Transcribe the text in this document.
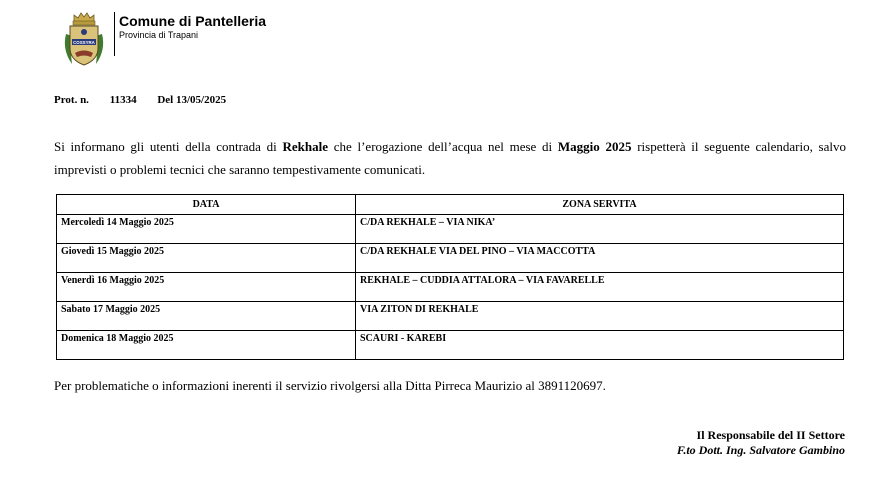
COSSYRA
Comune di Pantelleria
Provincia di Trapani
Prot. n. 11334 Del 13/05/2025
Si informano gli utenti della contrada di Rekhale che l’erogazione dell’acqua nel mese di Maggio 2025 rispetterà il seguente calendario, salvo imprevisti o problemi tecnici che saranno tempestivamente comunicati.
DATA	ZONA SERVITA
Mercoledì 14 Maggio 2025	C/DA REKHALE – VIA NIKA’
Giovedì 15 Maggio 2025	C/DA REKHALE VIA DEL PINO – VIA MACCOTTA
Venerdì 16 Maggio 2025	REKHALE – CUDDIA ATTALORA – VIA FAVARELLE
Sabato 17 Maggio 2025	VIA ZITON DI REKHALE
Domenica 18 Maggio 2025	SCAURI - KAREBI
Per problematiche o informazioni inerenti il servizio rivolgersi alla Ditta Pirreca Maurizio al 3891120697.
Il Responsabile del II Settore
F.to Dott. Ing. Salvatore Gambino
